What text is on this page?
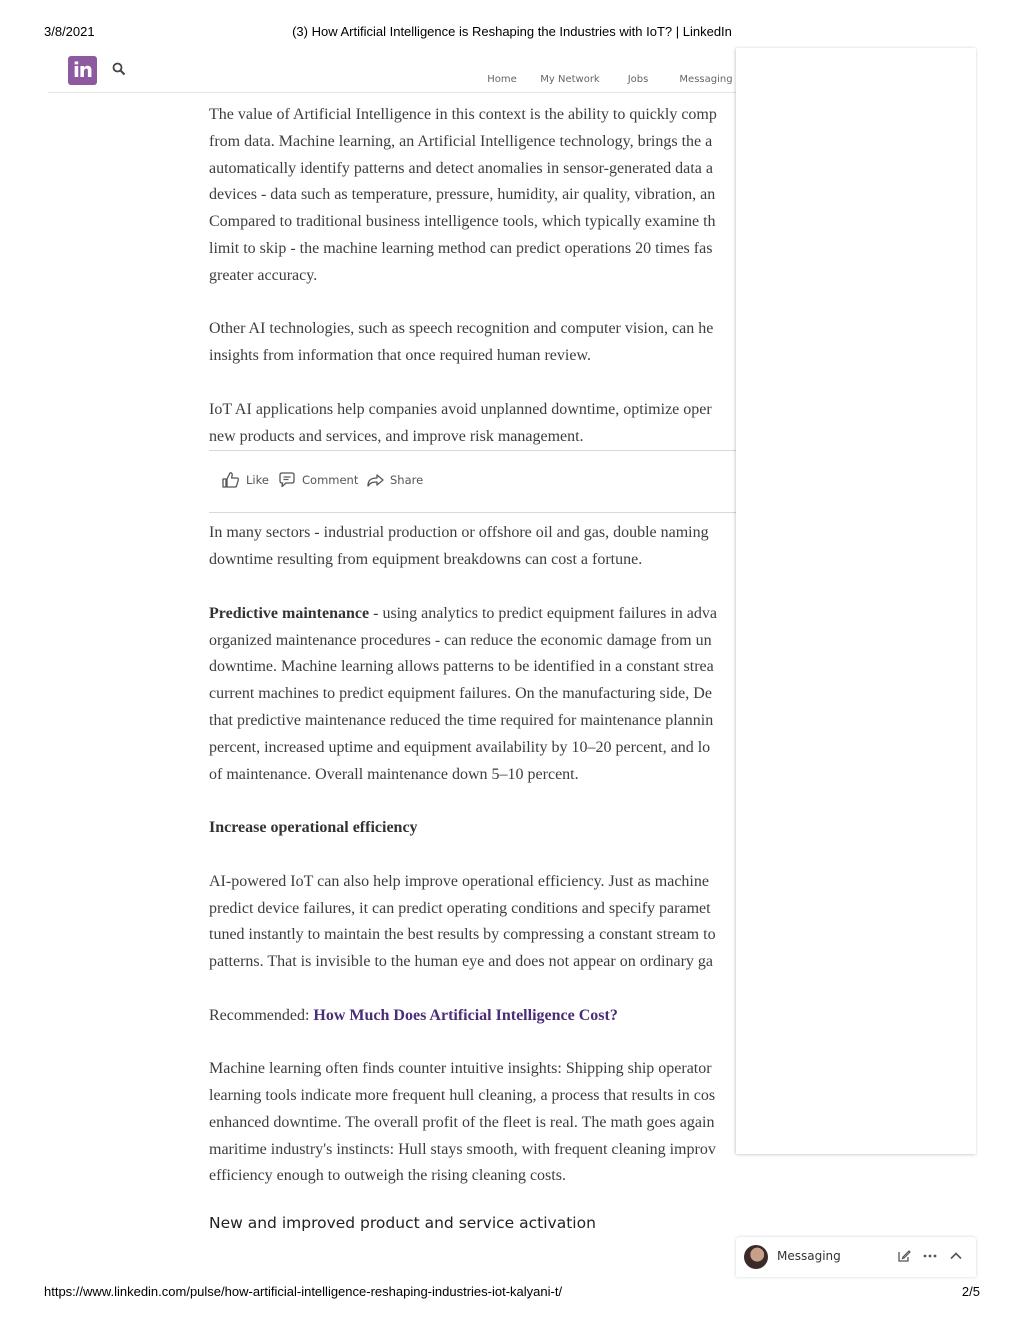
3/8/2021	(3) How Artificial Intelligence is Reshaping the Industries with IoT? | LinkedIn
in	Home	My Network	Jobs	Messaging
The value of Artificial Intelligence in this context is the ability to quickly comp
from data. Machine learning, an Artificial Intelligence technology, brings the a
automatically identify patterns and detect anomalies in sensor-generated data a
devices - data such as temperature, pressure, humidity, air quality, vibration, an
Compared to traditional business intelligence tools, which typically examine th
limit to skip - the machine learning method can predict operations 20 times fas
greater accuracy.
Other AI technologies, such as speech recognition and computer vision, can he
insights from information that once required human review.
IoT AI applications help companies avoid unplanned downtime, optimize oper
new products and services, and improve risk management.
In many sectors - industrial production or offshore oil and gas, double naming
downtime resulting from equipment breakdowns can cost a fortune.
Predictive maintenance - using analytics to predict equipment failures in adva
organized maintenance procedures - can reduce the economic damage from un
downtime. Machine learning allows patterns to be identified in a constant strea
current machines to predict equipment failures. On the manufacturing side, De
that predictive maintenance reduced the time required for maintenance plannin
percent, increased uptime and equipment availability by 10–20 percent, and lo
of maintenance. Overall maintenance down 5–10 percent.
Increase operational efficiency
AI-powered IoT can also help improve operational efficiency. Just as machine
predict device failures, it can predict operating conditions and specify paramet
tuned instantly to maintain the best results by compressing a constant stream to
patterns. That is invisible to the human eye and does not appear on ordinary ga
Recommended: How Much Does Artificial Intelligence Cost?
Machine learning often finds counter intuitive insights: Shipping ship operator
learning tools indicate more frequent hull cleaning, a process that results in cos
enhanced downtime. The overall profit of the fleet is real. The math goes again
maritime industry's instincts: Hull stays smooth, with frequent cleaning improv
efficiency enough to outweigh the rising cleaning costs.
New and improved product and service activation
Like	Comment	Share
Messaging
https://www.linkedin.com/pulse/how-artificial-intelligence-reshaping-industries-iot-kalyani-t/	2/5
